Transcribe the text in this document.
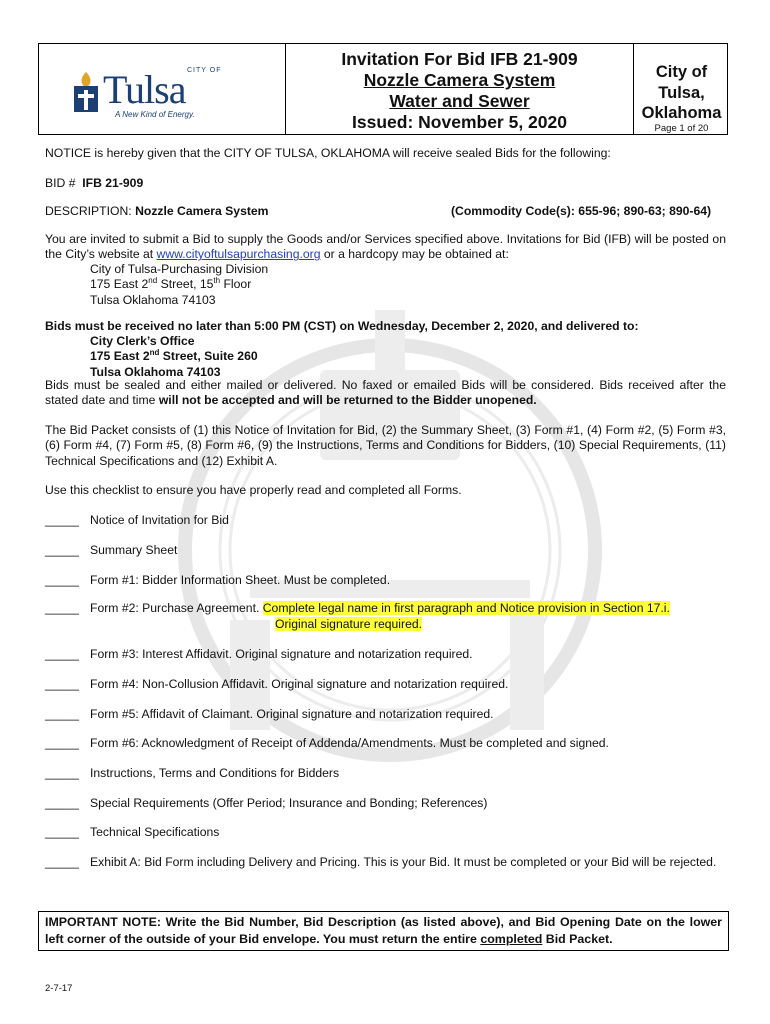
CITY OF
Tulsa
A New Kind of Energy.

Invitation For Bid IFB 21-909

Nozzle Camera System

Water and Sewer

Issued: November 5, 2020

City of Tulsa,

Oklahoma

Page 1 of 20

NOTICE is hereby given that the CITY OF TULSA, OKLAHOMA will receive sealed Bids for the following:
BID # IFB 21-909
DESCRIPTION: Nozzle Camera System	(Commodity Code(s): 655-96; 890-63; 890-64)
You are invited to submit a Bid to supply the Goods and/or Services specified above. Invitations for Bid (IFB) will be posted on the City’s website at www.cityoftulsapurchasing.org or a hardcopy may be obtained at:
City of Tulsa-Purchasing Division
175 East 2nd Street, 15th Floor
Tulsa Oklahoma 74103
Bids must be received no later than 5:00 PM (CST) on Wednesday, December 2, 2020, and delivered to:
City Clerk’s Office
175 East 2nd Street, Suite 260
Tulsa Oklahoma 74103
Bids must be sealed and either mailed or delivered. No faxed or emailed Bids will be considered. Bids received after the stated date and time will not be accepted and will be returned to the Bidder unopened.
The Bid Packet consists of (1) this Notice of Invitation for Bid, (2) the Summary Sheet, (3) Form #1, (4) Form #2, (5) Form #3, (6) Form #4, (7) Form #5, (8) Form #6, (9) the Instructions, Terms and Conditions for Bidders, (10) Special Requirements, (11) Technical Specifications and (12) Exhibit A.
Use this checklist to ensure you have properly read and completed all Forms.
_____ Notice of Invitation for Bid
_____ Summary Sheet
_____ Form #1: Bidder Information Sheet. Must be completed.
_____ Form #2: Purchase Agreement. Complete legal name in first paragraph and Notice provision in Section 17.i.
Original signature required.
_____ Form #3: Interest Affidavit. Original signature and notarization required.
_____ Form #4: Non-Collusion Affidavit. Original signature and notarization required.
_____ Form #5: Affidavit of Claimant. Original signature and notarization required.
_____ Form #6: Acknowledgment of Receipt of Addenda/Amendments. Must be completed and signed.
_____ Instructions, Terms and Conditions for Bidders
_____ Special Requirements (Offer Period; Insurance and Bonding; References)
_____ Technical Specifications
_____ Exhibit A: Bid Form including Delivery and Pricing. This is your Bid. It must be completed or your Bid will be rejected.
IMPORTANT NOTE: Write the Bid Number, Bid Description (as listed above), and Bid Opening Date on the lower left corner of the outside of your Bid envelope. You must return the entire completed Bid Packet.
2-7-17
